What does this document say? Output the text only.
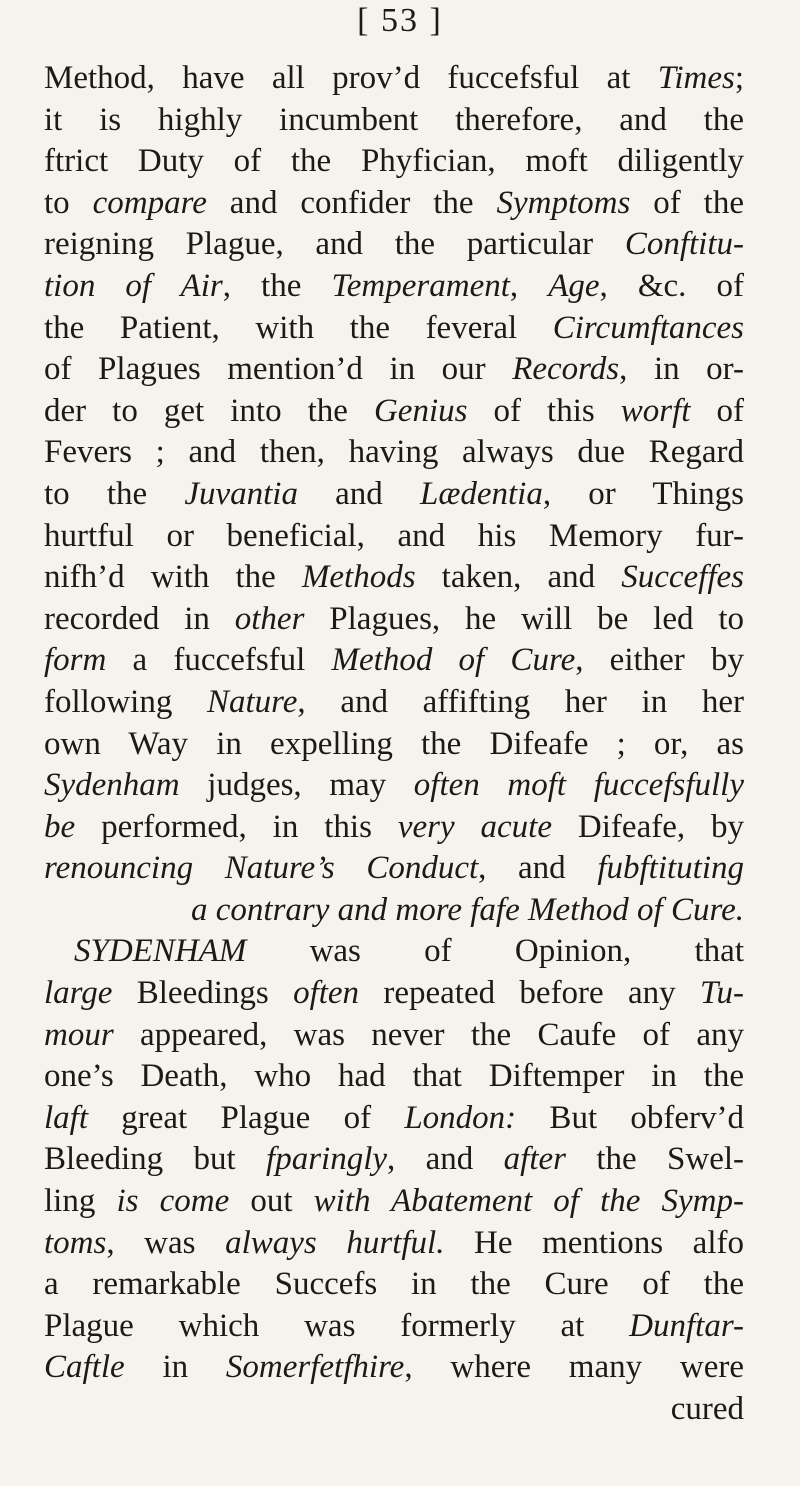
[ 53 ]
Method, have all prov’d fuccefsful at Times;
it is highly incumbent therefore, and the
ftrict Duty of the Phyfician, moft diligently
to compare and confider the Symptoms of the
reigning Plague, and the particular Conftitu-
tion of Air, the Temperament, Age, &c. of
the Patient, with the feveral Circumftances
of Plagues mention’d in our Records, in or-
der to get into the Genius of this worft of
Fevers ; and then, having always due Regard
to the Juvantia and Lædentia, or Things
hurtful or beneficial, and his Memory fur-
nifh’d with the Methods taken, and Succeffes
recorded in other Plagues, he will be led to
form a fuccefsful Method of Cure, either by
following Nature, and affifting her in her
own Way in expelling the Difeafe ; or, as
Sydenham judges, may often moft fuccefsfully
be performed, in this very acute Difeafe, by
renouncing Nature’s Conduct, and fubftituting
a contrary and more fafe Method of Cure.
SYDENHAM was of Opinion, that
large Bleedings often repeated before any Tu-
mour appeared, was never the Caufe of any
one’s Death, who had that Diftemper in the
laft great Plague of London: But obferv’d
Bleeding but fparingly, and after the Swel-
ling is come out with Abatement of the Symp-
toms, was always hurtful. He mentions alfo
a remarkable Succefs in the Cure of the
Plague which was formerly at Dunftar-
Caftle in Somerfetfhire, where many were
cured
